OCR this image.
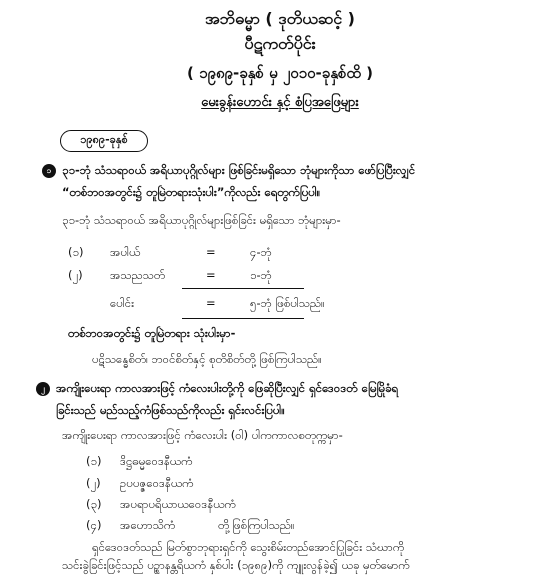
အဘိဓမ္မာ ( ဒုတိယဆင့် )
ပီဋကတ်ပိုင်း
( ၁၉၈၉-ခုနှစ် မှ ၂၀၁၀-ခုနှစ်ထိ )
မေးခွန်းဟောင်း နှင့် စံပြအဖြေများ
၁၉၈၉-ခုနှစ်
၁ ၃၁-ဘုံ သံသရာဝယ် အရိယာပုဂ္ဂိုလ်များ ဖြစ်ခြင်းမရှိသော ဘုံများကိုသာ ဖော်ပြပြီးလျှင်
“တစ်ဘဝအတွင်း၌ တူမြဲတရားသုံးပါး”ကိုလည်း ရေတွက်ပြပါ။
၃၁-ဘုံ သံသရာဝယ် အရိယာပုဂ္ဂိုလ်များဖြစ်ခြင်း မရှိသော ဘုံများမှာ-
(၁) အပါယ်	=	၄-ဘုံ
(၂) အသညသတ်	=	၁-ဘုံ
ပေါင်း	=	၅-ဘုံ ဖြစ်ပါသည်။
တစ်ဘဝအတွင်း၌ တူမြဲတရား သုံးပါးမှာ-
ပဋိသန္ဓေစိတ်၊ ဘဝင်စိတ်နှင့် စုတိစိတ်တို့ ဖြစ်ကြပါသည်။
၂ အကျိုးပေးရာ ကာလအားဖြင့် ကံလေးပါးတို့ကို ဖြေဆိုပြီးလျှင် ရှင်ဒေဝဒတ် မြေမြိုခံရ
ခြင်းသည် မည်သည့်ကံဖြစ်သည်ကိုလည်း ရှင်းလင်းပြပါ။
အကျိုးပေးရာ ကာလအားဖြင့် ကံလေးပါး (ဝါ) ပါကကာလစတုက္ကမှာ-
(၁) ဒိဋ္ဌဓမ္မဝေဒနီယကံ
(၂) ဥပပဇ္ဇဝေဒနီယကံ
(၃) အပရာပရိယာယဝေဒနီယကံ
(၄) အဟောသိကံ	တို့ဖြစ်ကြပါသည်။
ရှင်ဒေဝဒတ်သည် မြတ်စွာဘုရားရှင်ကို သွေးစိမ်းတည်အောင်ပြုခြင်း သံဃာကို
သင်းခွဲခြင်းဖြင့်သည် ပဥ္စာနန္တရိယကံ နှစ်ပါး (၁၉၈၉)ကို ကျူးလွန်ခဲ့၍ ယခု မှတ်မောက်
